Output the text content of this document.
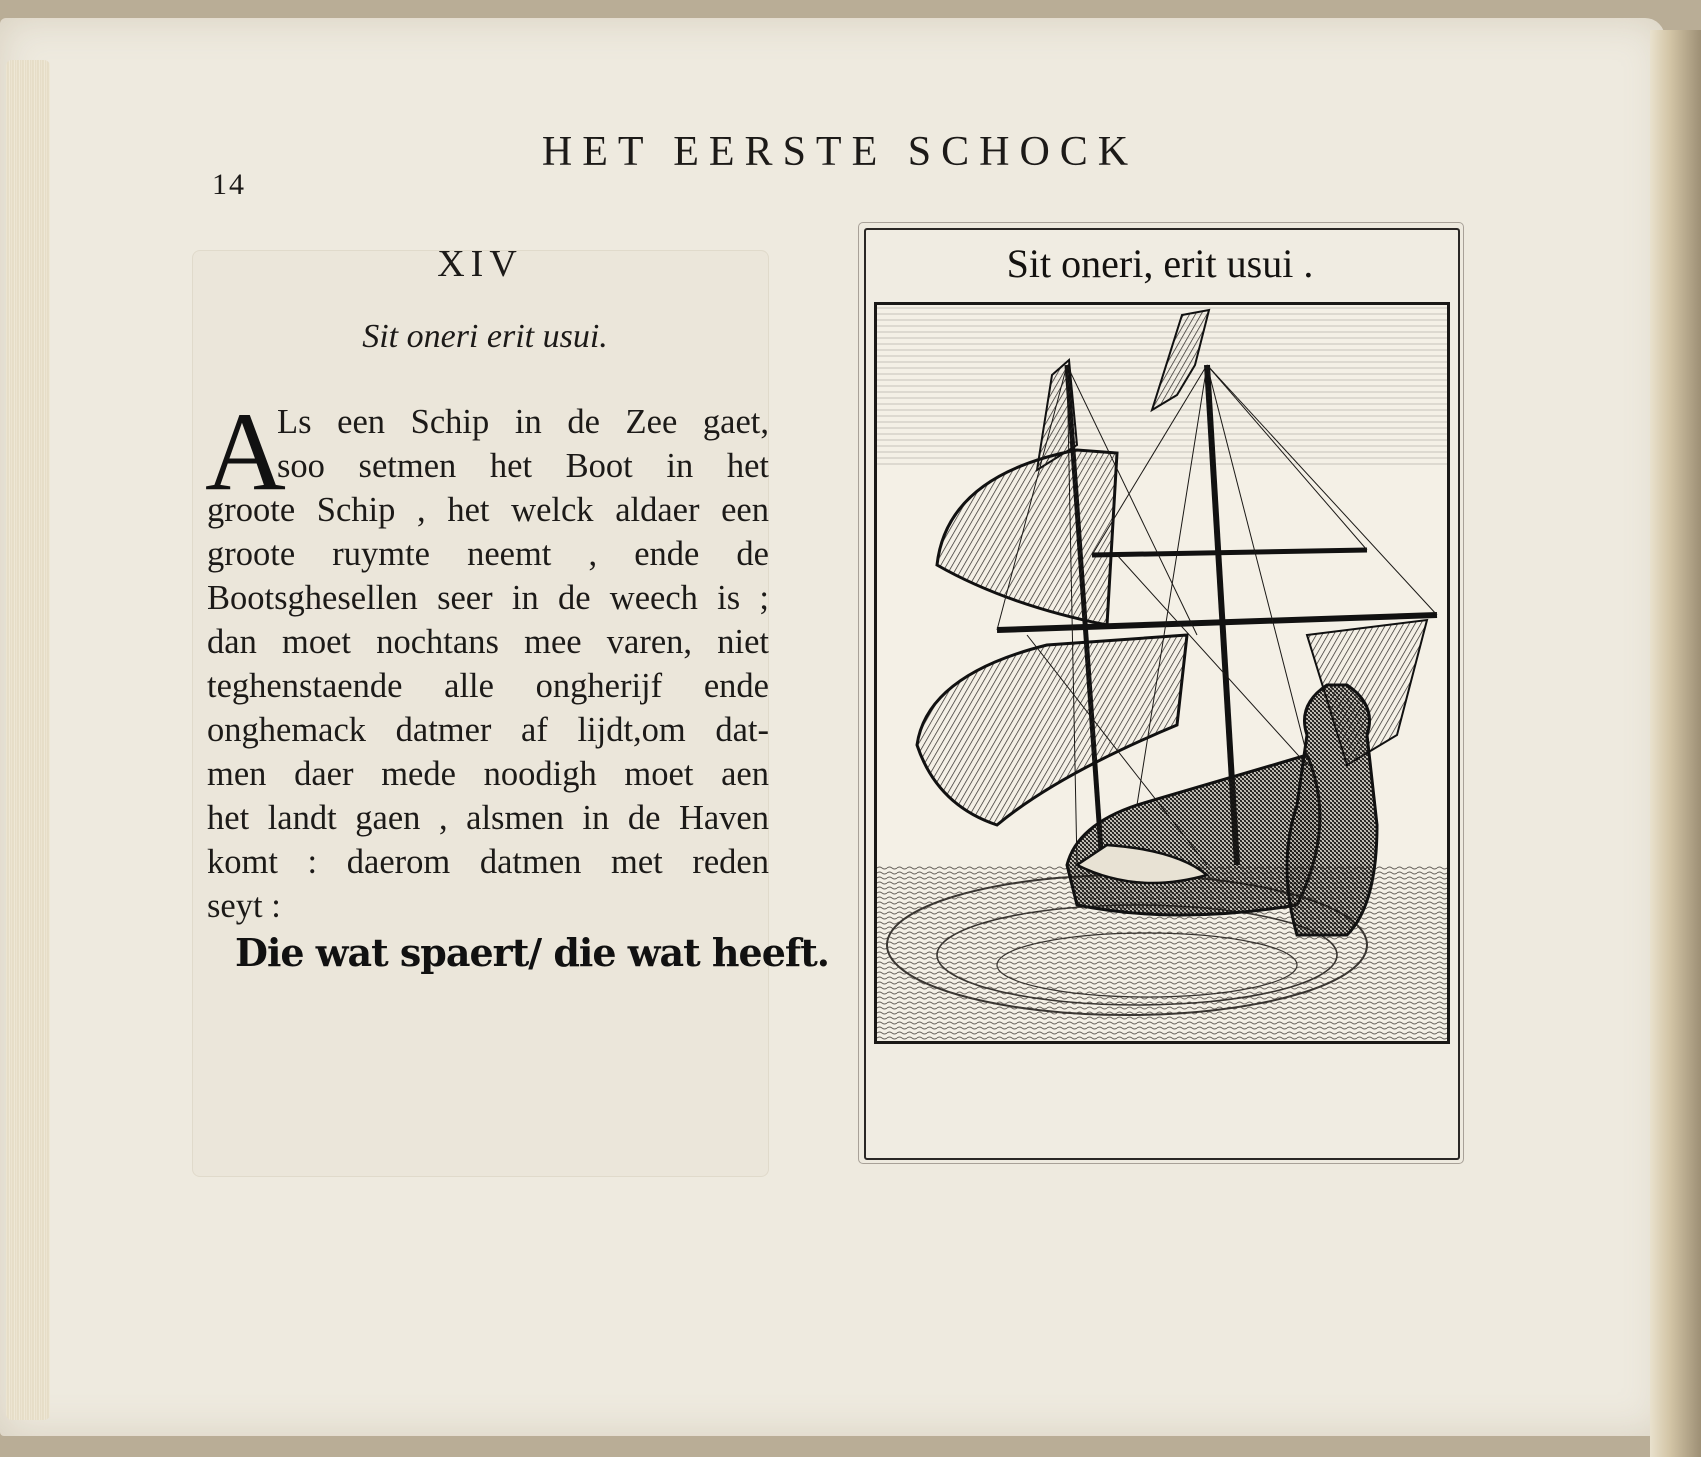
14
HET EERSTE SCHOCK
XIV
Sit oneri erit usui.
A
Ls een Schip in de Zee gaet,
soo setmen het Boot in het
groote Schip , het welck aldaer een
groote ruymte neemt , ende de
Bootsghesellen seer in de weech is ;
dan moet nochtans mee varen, niet
teghenstaende alle ongherijf ende
onghemack datmer af lijdt,om dat-
men daer mede noodigh moet aen
het landt gaen , alsmen in de Haven
komt : daerom datmen met reden
seyt :
Die wat spaert/ die wat heeft.
Sit oneri, erit usui .
